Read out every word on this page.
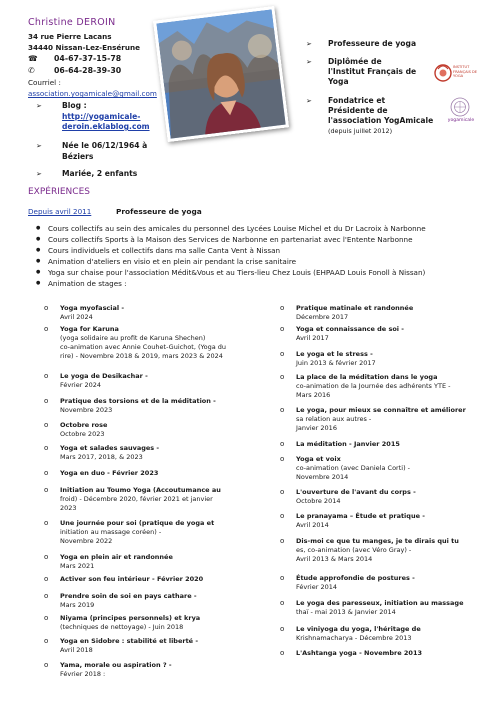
Christine DEROIN
34 rue Pierre Lacans
34440 Nissan-Lez-Ensérune
☎ 04-67-37-15-78
✆ 06-64-28-39-30
Courriel :
association.yogamicale@gmail.com
➢	Blog :
http://yogamicale-
deroin.eklablog.com
➢	Née le 06/12/1964 à
Béziers
➢	Mariée, 2 enfants
➢	Professeure de yoga
➢	Diplômée de
l'Institut Français de
Yoga
➢	Fondatrice et
Présidente de
l'association YogAmicale
(depuis juillet 2012)
INSTITUT FRANÇAIS DE YOGA
yogamicale
EXPÉRIENCES
Depuis avril 2011	Professeure de yoga
● Cours collectifs au sein des amicales du personnel des Lycées Louise Michel et du Dr Lacroix à Narbonne
● Cours collectifs Sports à la Maison des Services de Narbonne en partenariat avec l'Entente Narbonne
● Cours individuels et collectifs dans ma salle Canta Vent à Nissan
● Animation d'ateliers en visio et en plein air pendant la crise sanitaire
● Yoga sur chaise pour l'association Médit&Vous et au Tiers-lieu Chez Louis (EHPAAD Louis Fonoll à Nissan)
● Animation de stages :
o Yoga myofascial -
Avril 2024
o Yoga for Karuna
(yoga solidaire au profit de Karuna Shechen)
co-animation avec Annie Couhet-Guichot, (Yoga du
rire) - Novembre 2018 & 2019, mars 2023 & 2024
o Le yoga de Desikachar -
Février 2024
o Pratique des torsions et de la méditation -
Novembre 2023
o Octobre rose
Octobre 2023
o Yoga et salades sauvages -
Mars 2017, 2018, & 2023
o Yoga en duo - Février 2023
o Initiation au Toumo Yoga (Accoutumance au
froid) - Décembre 2020, février 2021 et janvier
2023
o Une journée pour soi (pratique de yoga et
initiation au massage coréen) -
Novembre 2022
o Yoga en plein air et randonnée
Mars 2021
o Activer son feu intérieur - Février 2020
o Prendre soin de soi en pays cathare -
Mars 2019
o Niyama (principes personnels) et krya
(techniques de nettoyage) - Juin 2018
o Yoga en Sidobre : stabilité et liberté -
Avril 2018
o Yama, morale ou aspiration ? -
Février 2018 :
o Pratique matinale et randonnée
Décembre 2017
o Yoga et connaissance de soi -
Avril 2017
o Le yoga et le stress -
Juin 2013 & février 2017
o La place de la méditation dans le yoga
co-animation de la Journée des adhérents YTE -
Mars 2016
o Le yoga, pour mieux se connaître et améliorer
sa relation aux autres -
Janvier 2016
o La méditation - Janvier 2015
o Yoga et voix
co-animation (avec Daniela Corti) -
Novembre 2014
o L'ouverture de l'avant du corps -
Octobre 2014
o Le pranayama – Étude et pratique -
Avril 2014
o Dis-moi ce que tu manges, je te dirais qui tu
es, co-animation (avec Véro Gray) -
Avril 2013 & Mars 2014
o Étude approfondie de postures -
Février 2014
o Le yoga des paresseux, initiation au massage
thaï - mai 2013 & Janvier 2014
o Le viniyoga du yoga, l'héritage de
Krishnamacharya - Décembre 2013
o L'Ashtanga yoga - Novembre 2013
